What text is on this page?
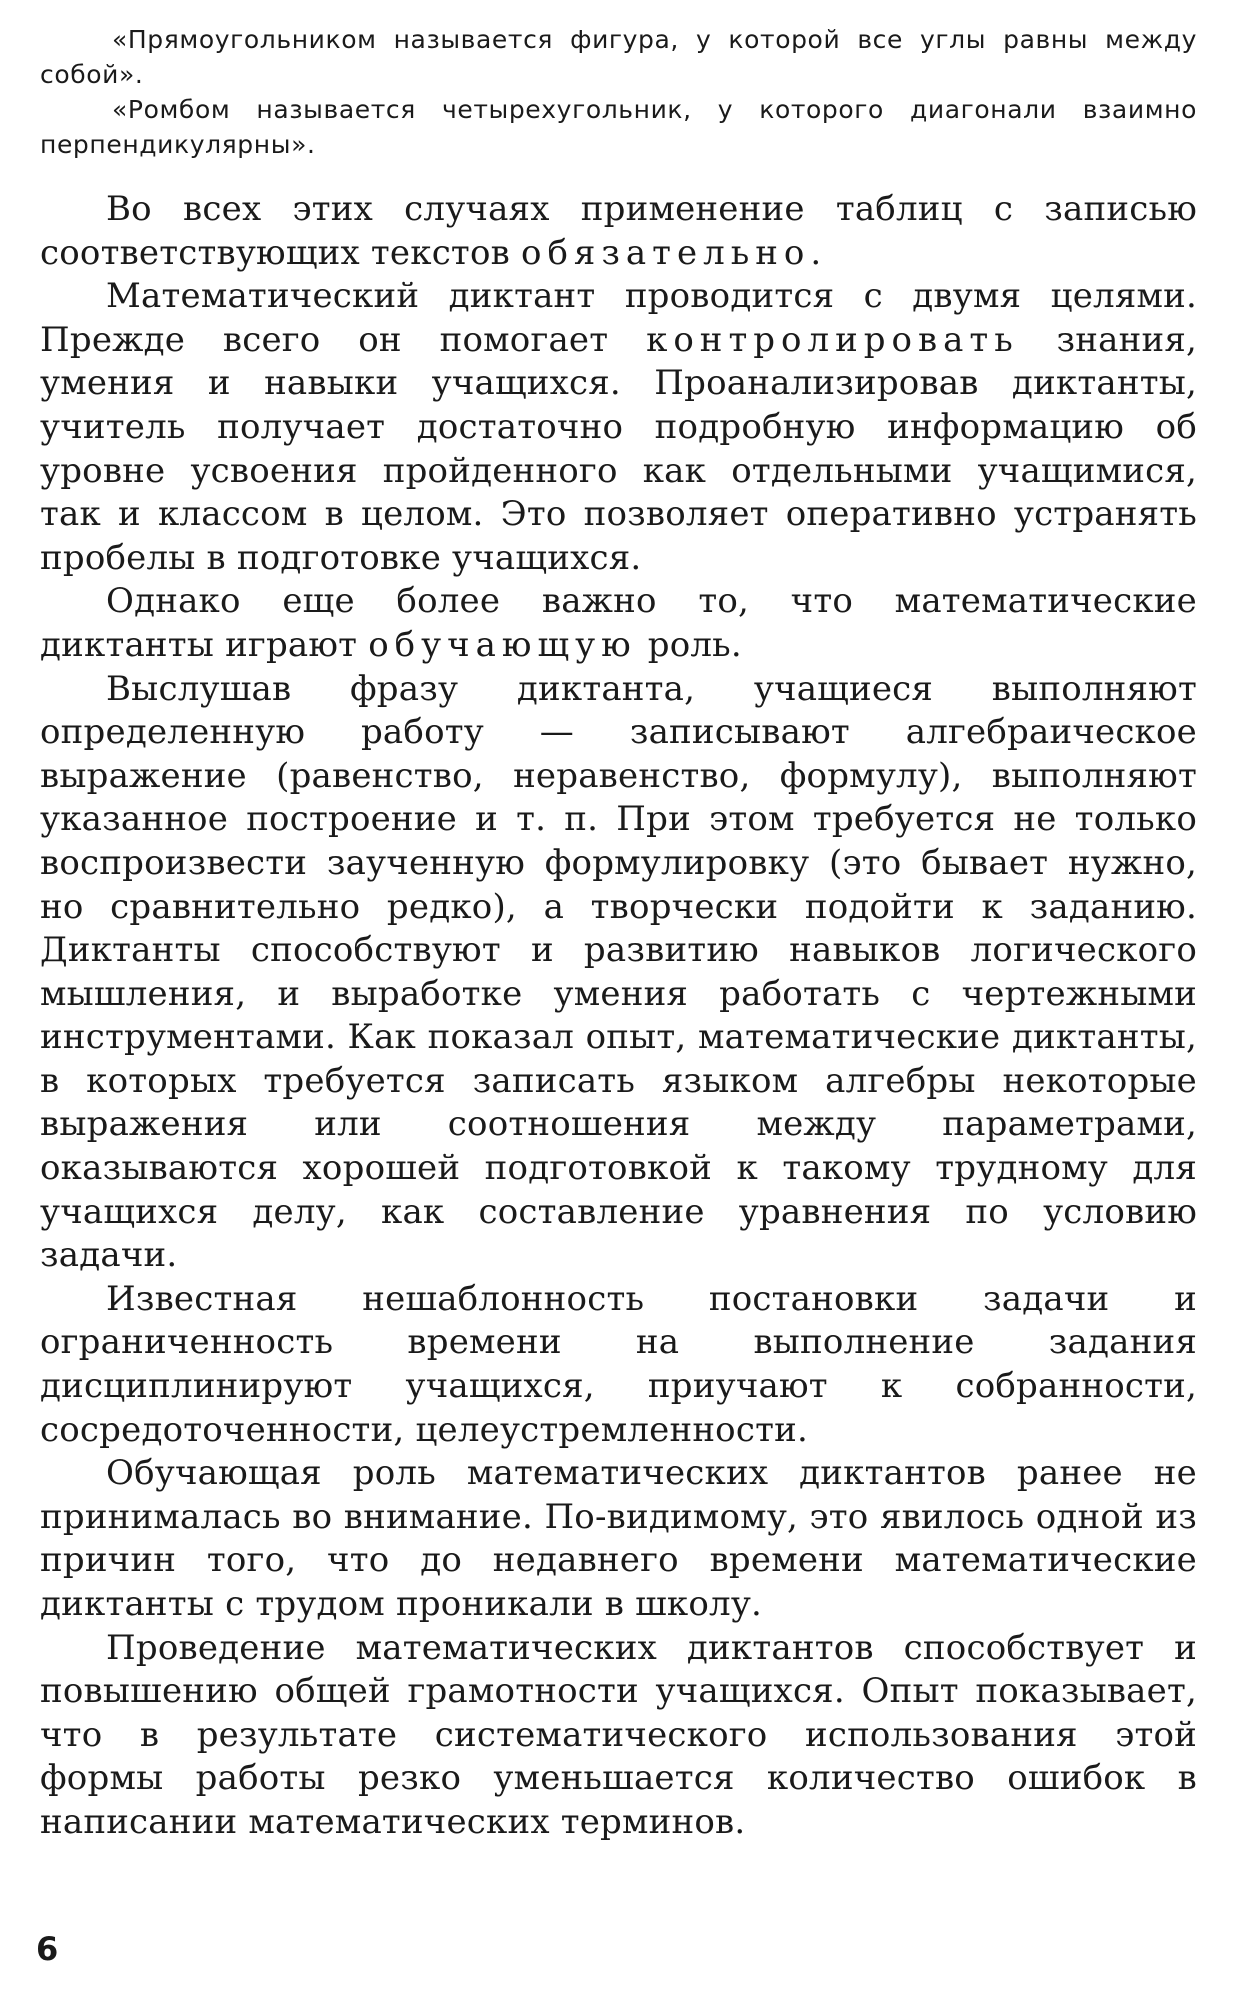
«Прямоугольником называется фигура, у которой все углы равны между собой».

«Ромбом называется четырехугольник, у которого диагонали взаимно перпендикулярны».

Во всех этих случаях применение таблиц с записью соответствующих текстов обязательно.

Математический диктант проводится с двумя целями. Прежде всего он помогает контролировать знания, умения и навыки учащихся. Проанализировав диктанты, учитель получает достаточно подробную информацию об уровне усвоения пройденного как отдельными учащимися, так и классом в целом. Это позволяет оперативно устранять пробелы в подготовке учащихся.

Однако еще более важно то, что математические диктанты играют обучающую роль.

Выслушав фразу диктанта, учащиеся выполняют определенную работу — записывают алгебраическое выражение (равенство, неравенство, формулу), выполняют указанное построение и т. п. При этом требуется не только воспроизвести заученную формулировку (это бывает нужно, но сравнительно редко), а творчески подойти к заданию. Диктанты способствуют и развитию навыков логического мышления, и выработке умения работать с чертежными инструментами. Как показал опыт, математические диктанты, в которых требуется записать языком алгебры некоторые выражения или соотношения между параметрами, оказываются хорошей подготовкой к такому трудному для учащихся делу, как составление уравнения по условию задачи.

Известная нешаблонность постановки задачи и ограниченность времени на выполнение задания дисциплинируют учащихся, приучают к собранности, сосредоточенности, целеустремленности.

Обучающая роль математических диктантов ранее не принималась во внимание. По-видимому, это явилось одной из причин того, что до недавнего времени математические диктанты с трудом проникали в школу.

Проведение математических диктантов способствует и повышению общей грамотности учащихся. Опыт показывает, что в результате систематического использования этой формы работы резко уменьшается количество ошибок в написании математических терминов.

6
